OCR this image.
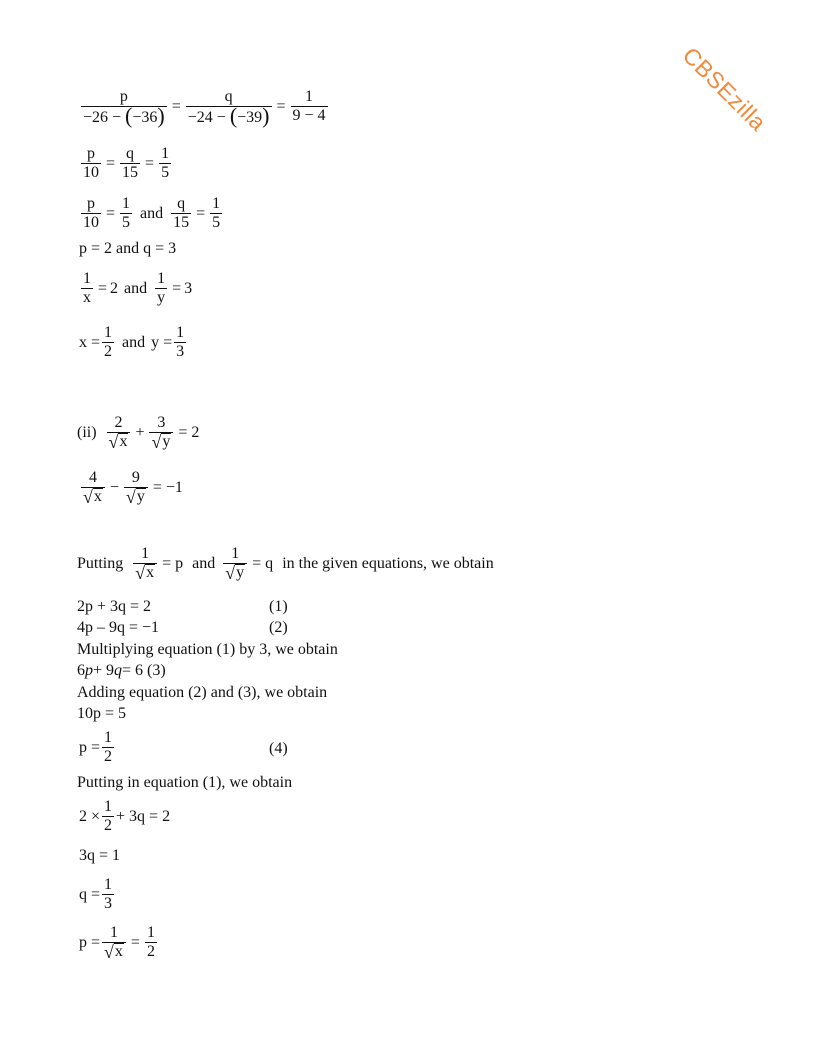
CBSEzilla
$\frac{p}{-26 - (-36)} = \frac{q}{-24 - (-39)} = \frac{1}{9 - 4}$
$\frac{p}{10} = \frac{q}{15} = \frac{1}{5}$
$\frac{p}{10} = \frac{1}{5}$ and $\frac{q}{15} = \frac{1}{5}$
p = 2 and q = 3
$\frac{1}{x} = 2$ and $\frac{1}{y} = 3$
$x = \frac{1}{2}$ and $y = \frac{1}{3}$
$(ii) \frac{2}{√ x} + \frac{3}{√ y} = 2$
$\frac{4}{√ x} - \frac{9}{√ y} = -1$
Putting $\frac{1}{√ x} = p$ and $\frac{1}{√ y} = q$ in the given equations, we obtain
2p + 3q = 2	(1)
4p – 9q = −1	(2)
Multiplying equation (1) by 3, we obtain
6 p + 9 q = 6 (3)
Adding equation (2) and (3), we obtain
10p = 5
$p = \frac{1}{2}$	(4)
Putting in equation (1), we obtain
$2 \times \frac{1}{2} + 3q = 2$
3q = 1
$q = \frac{1}{3}$
$p = \frac{1}{√ x} = \frac{1}{2}$
